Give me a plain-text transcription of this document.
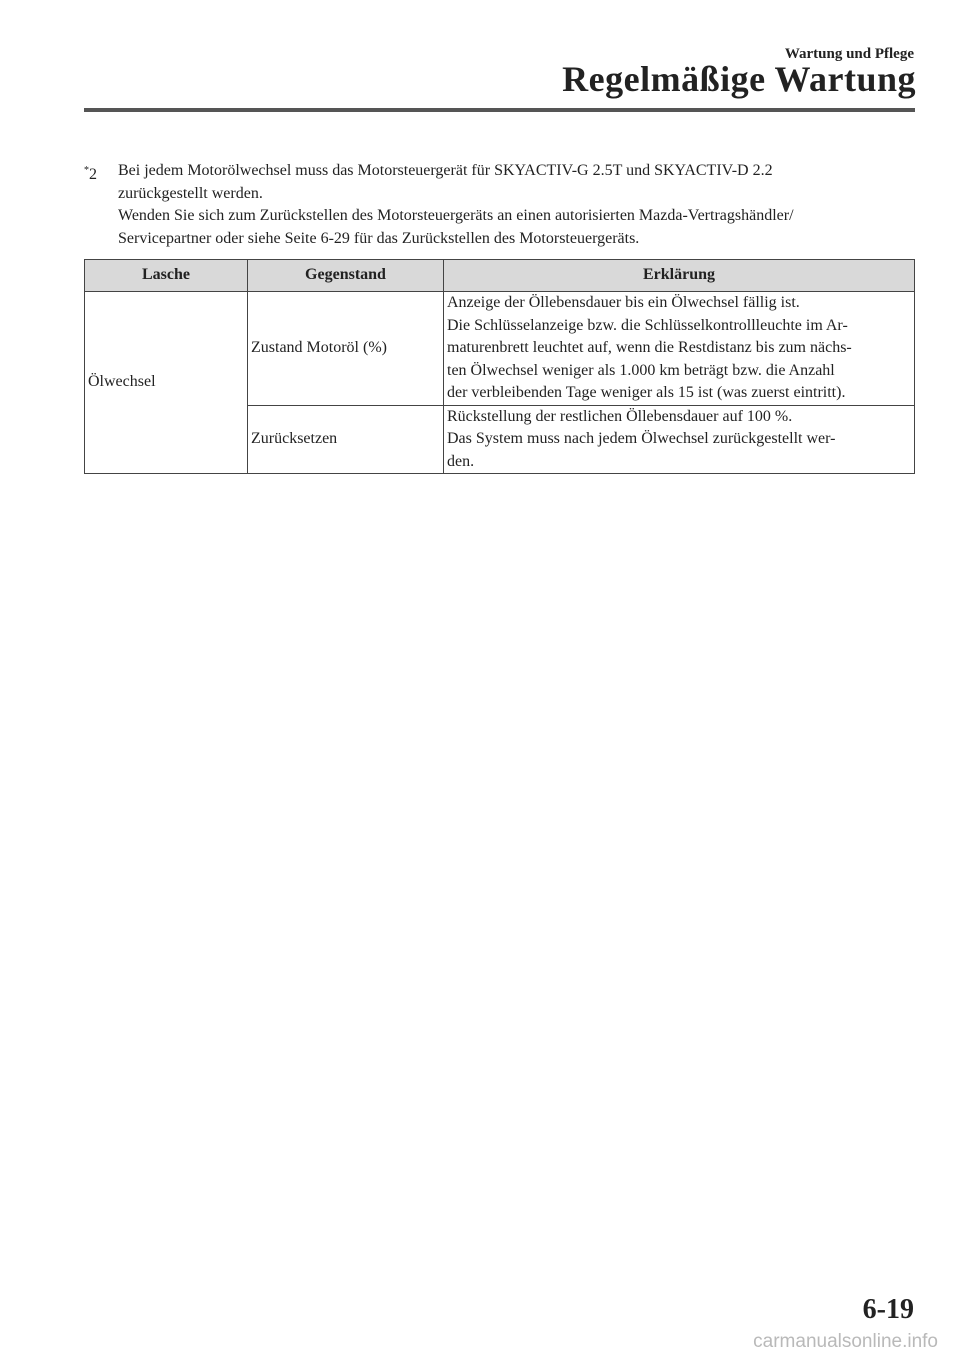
Wartung und Pflege
Regelmäßige Wartung
*2 Bei jedem Motorölwechsel muss das Motorsteuergerät für SKYACTIV-G 2.5T und SKYACTIV-D 2.2
zurückgestellt werden.
Wenden Sie sich zum Zurückstellen des Motorsteuergeräts an einen autorisierten Mazda-Vertragshändler/
Servicepartner oder siehe Seite 6-29 für das Zurückstellen des Motorsteuergeräts.
Lasche	Gegenstand	Erklärung
Ölwechsel	Zustand Motoröl (%)	Anzeige der Öllebensdauer bis ein Ölwechsel fällig ist.
Die Schlüsselanzeige bzw. die Schlüsselkontrollleuchte im Ar-
maturenbrett leuchtet auf, wenn die Restdistanz bis zum nächs-
ten Ölwechsel weniger als 1.000 km beträgt bzw. die Anzahl
der verbleibenden Tage weniger als 15 ist (was zuerst eintritt).

	Zurücksetzen	Rückstellung der restlichen Öllebensdauer auf 100 %.
Das System muss nach jedem Ölwechsel zurückgestellt wer-
den.
6-19
carmanualsonline.info
